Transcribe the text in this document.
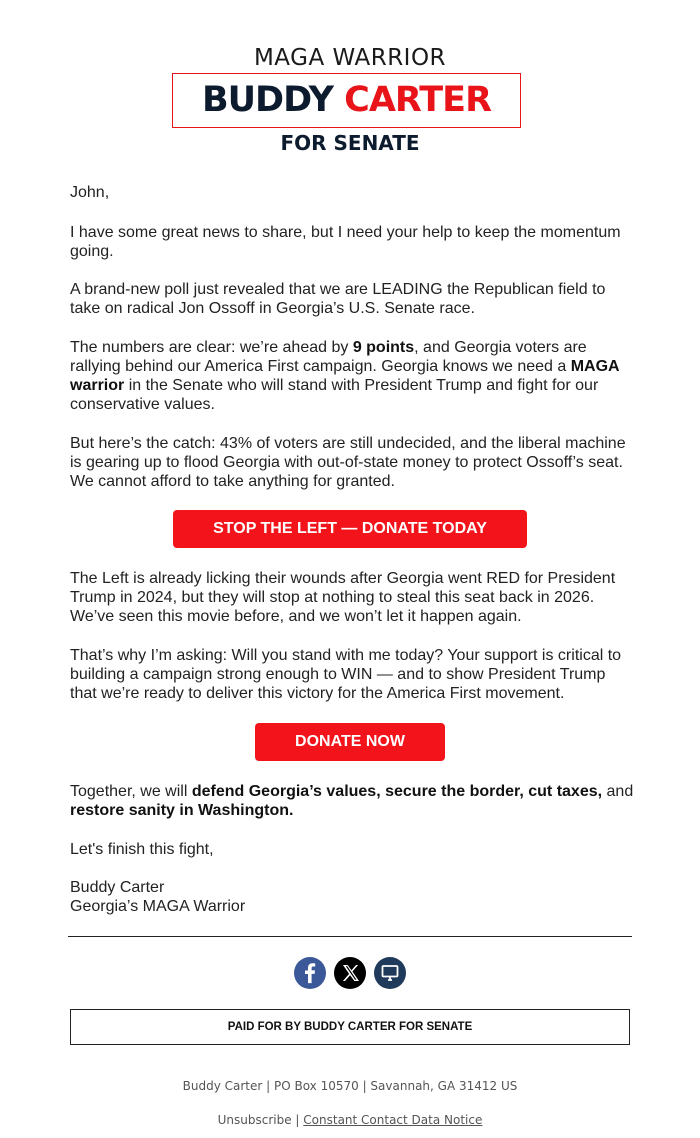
MAGA WARRIOR
BUDDY CARTER
FOR SENATE

John,

I have some great news to share, but I need your help to keep the momentum going.

A brand-new poll just revealed that we are LEADING the Republican field to take on radical Jon Ossoff in Georgia’s U.S. Senate race.

The numbers are clear: we’re ahead by 9 points, and Georgia voters are rallying behind our America First campaign. Georgia knows we need a MAGA warrior in the Senate who will stand with President Trump and fight for our conservative values.

But here’s the catch: 43% of voters are still undecided, and the liberal machine is gearing up to flood Georgia with out-of-state money to protect Ossoff’s seat. We cannot afford to take anything for granted.

STOP THE LEFT — DONATE TODAY

The Left is already licking their wounds after Georgia went RED for President Trump in 2024, but they will stop at nothing to steal this seat back in 2026. We’ve seen this movie before, and we won’t let it happen again.

That’s why I’m asking: Will you stand with me today? Your support is critical to building a campaign strong enough to WIN — and to show President Trump that we’re ready to deliver this victory for the America First movement.

DONATE NOW

Together, we will defend Georgia’s values, secure the border, cut taxes, and restore sanity in Washington.

Let's finish this fight,

Buddy Carter

Georgia’s MAGA Warrior

PAID FOR BY BUDDY CARTER FOR SENATE
Buddy Carter | PO Box 10570 | Savannah, GA 31412 US
Unsubscribe | Constant Contact Data Notice
